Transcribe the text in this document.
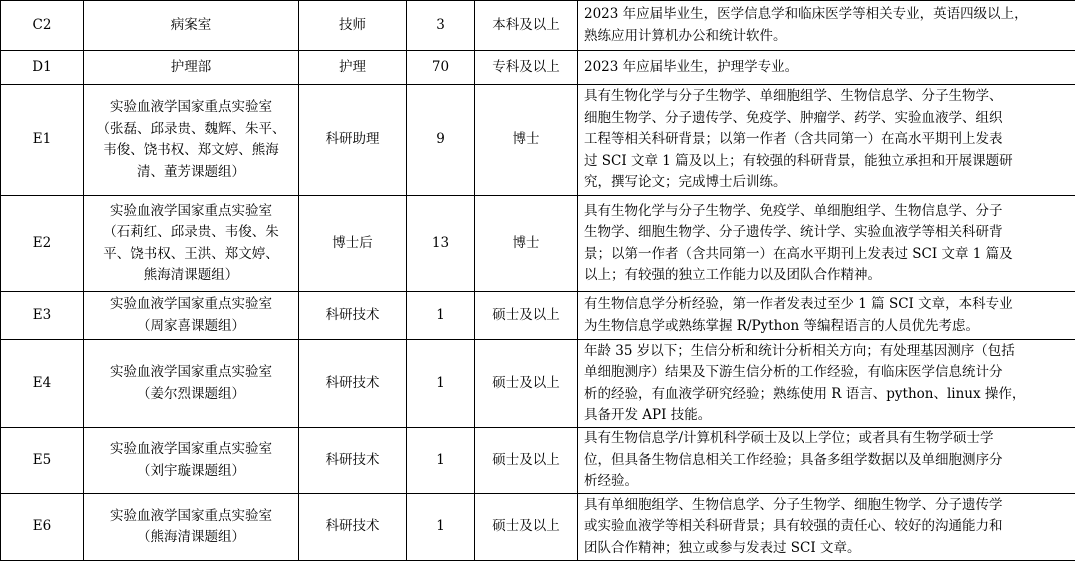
C2	病案室	技师	3	本科及以上	2023 年应届毕业生，医学信息学和临床医学等相关专业，英语四级以上，
熟练应用计算机办公和统计软件。
D1	护理部	护理	70	专科及以上	2023 年应届毕业生，护理学专业。
E1	实验血液学国家重点实验室
（张磊、邱录贵、魏辉、朱平、
韦俊、饶书权、郑文婷、熊海
清、董芳课题组）	科研助理	9	博士	具有生物化学与分子生物学、单细胞组学、生物信息学、分子生物学、
细胞生物学、分子遗传学、免疫学、肿瘤学、药学、实验血液学、组织
工程等相关科研背景；以第一作者（含共同第一）在高水平期刊上发表
过 SCI 文章 1 篇及以上；有较强的科研背景，能独立承担和开展课题研
究，撰写论文；完成博士后训练。
E2	实验血液学国家重点实验室
（石莉红、邱录贵、韦俊、朱
平、饶书权、王洪、郑文婷、
熊海清课题组）	博士后	13	博士	具有生物化学与分子生物学、免疫学、单细胞组学、生物信息学、分子
生物学、细胞生物学、分子遗传学、统计学、实验血液学等相关科研背
景；以第一作者（含共同第一）在高水平期刊上发表过 SCI 文章 1 篇及
以上；有较强的独立工作能力以及团队合作精神。
E3	实验血液学国家重点实验室
（周家喜课题组）	科研技术	1	硕士及以上	有生物信息学分析经验，第一作者发表过至少 1 篇 SCI 文章，本科专业
为生物信息学或熟练掌握 R/Python 等编程语言的人员优先考虑。
E4	实验血液学国家重点实验室
（姜尔烈课题组）	科研技术	1	硕士及以上	年龄 35 岁以下；生信分析和统计分析相关方向；有处理基因测序（包括
单细胞测序）结果及下游生信分析的工作经验，有临床医学信息统计分
析的经验，有血液学研究经验；熟练使用 R 语言、python、linux 操作，
具备开发 API 技能。
E5	实验血液学国家重点实验室
（刘宇璇课题组）	科研技术	1	硕士及以上	具有生物信息学/计算机科学硕士及以上学位；或者具有生物学硕士学
位，但具备生物信息相关工作经验；具备多组学数据以及单细胞测序分
析经验。
E6	实验血液学国家重点实验室
（熊海清课题组）	科研技术	1	硕士及以上	具有单细胞组学、生物信息学、分子生物学、细胞生物学、分子遗传学
或实验血液学等相关科研背景；具有较强的责任心、较好的沟通能力和
团队合作精神；独立或参与发表过 SCI 文章。
